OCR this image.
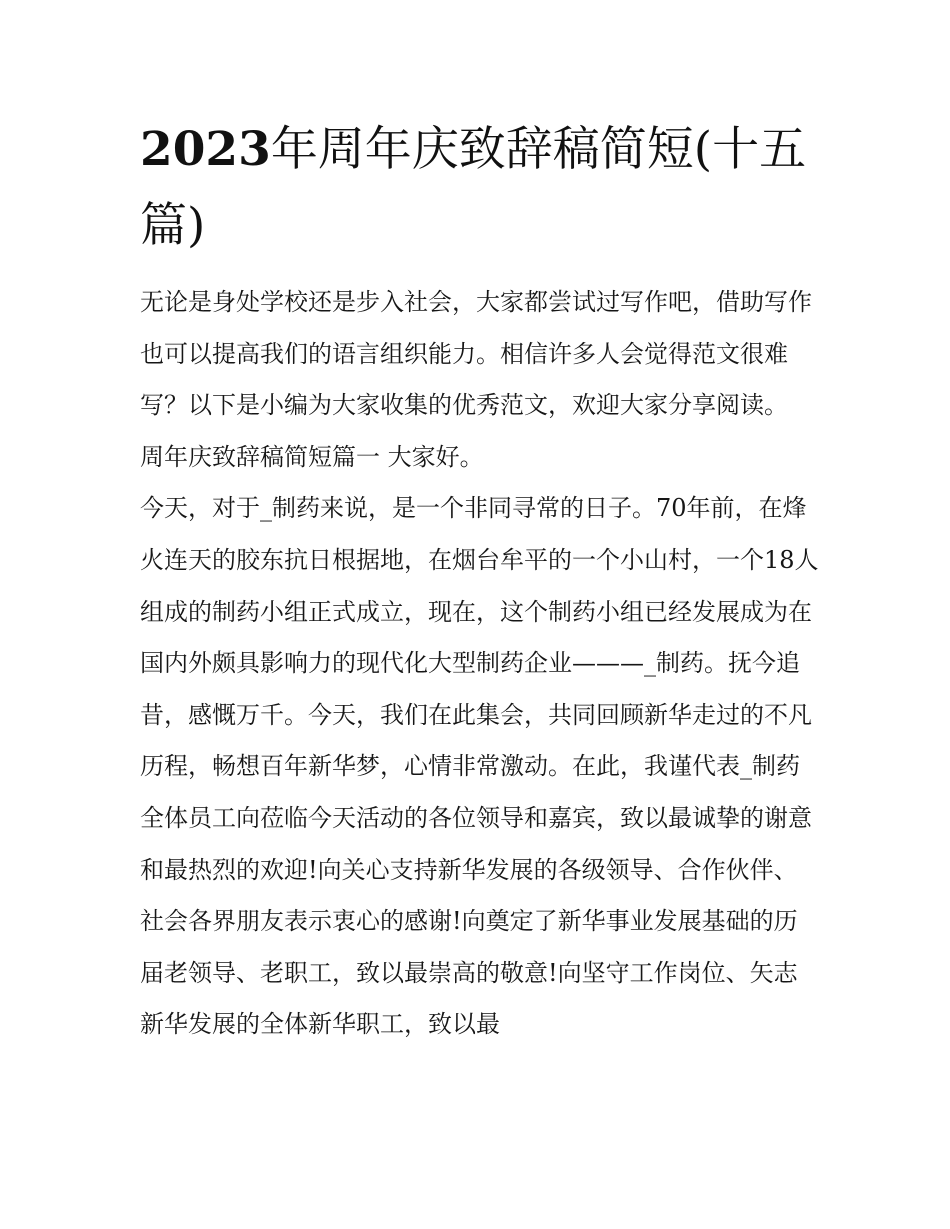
2023年周年庆致辞稿简短(十五篇)

无论是身处学校还是步入社会，大家都尝试过写作吧，借助写作也可以提高我们的语言组织能力。相信许多人会觉得范文很难写？以下是小编为大家收集的优秀范文，欢迎大家分享阅读。

周年庆致辞稿简短篇一 大家好。

今天，对于_制药来说，是一个非同寻常的日子。70年前，在烽火连天的胶东抗日根据地，在烟台牟平的一个小山村，一个18人组成的制药小组正式成立，现在，这个制药小组已经发展成为在国内外颇具影响力的现代化大型制药企业———_制药。抚今追昔，感慨万千。今天，我们在此集会，共同回顾新华走过的不凡历程，畅想百年新华梦，心情非常激动。在此，我谨代表_制药全体员工向莅临今天活动的各位领导和嘉宾，致以最诚挚的谢意和最热烈的欢迎!向关心支持新华发展的各级领导、合作伙伴、社会各界朋友表示衷心的感谢!向奠定了新华事业发展基础的历届老领导、老职工，致以最崇高的敬意!向坚守工作岗位、矢志新华发展的全体新华职工，致以最
